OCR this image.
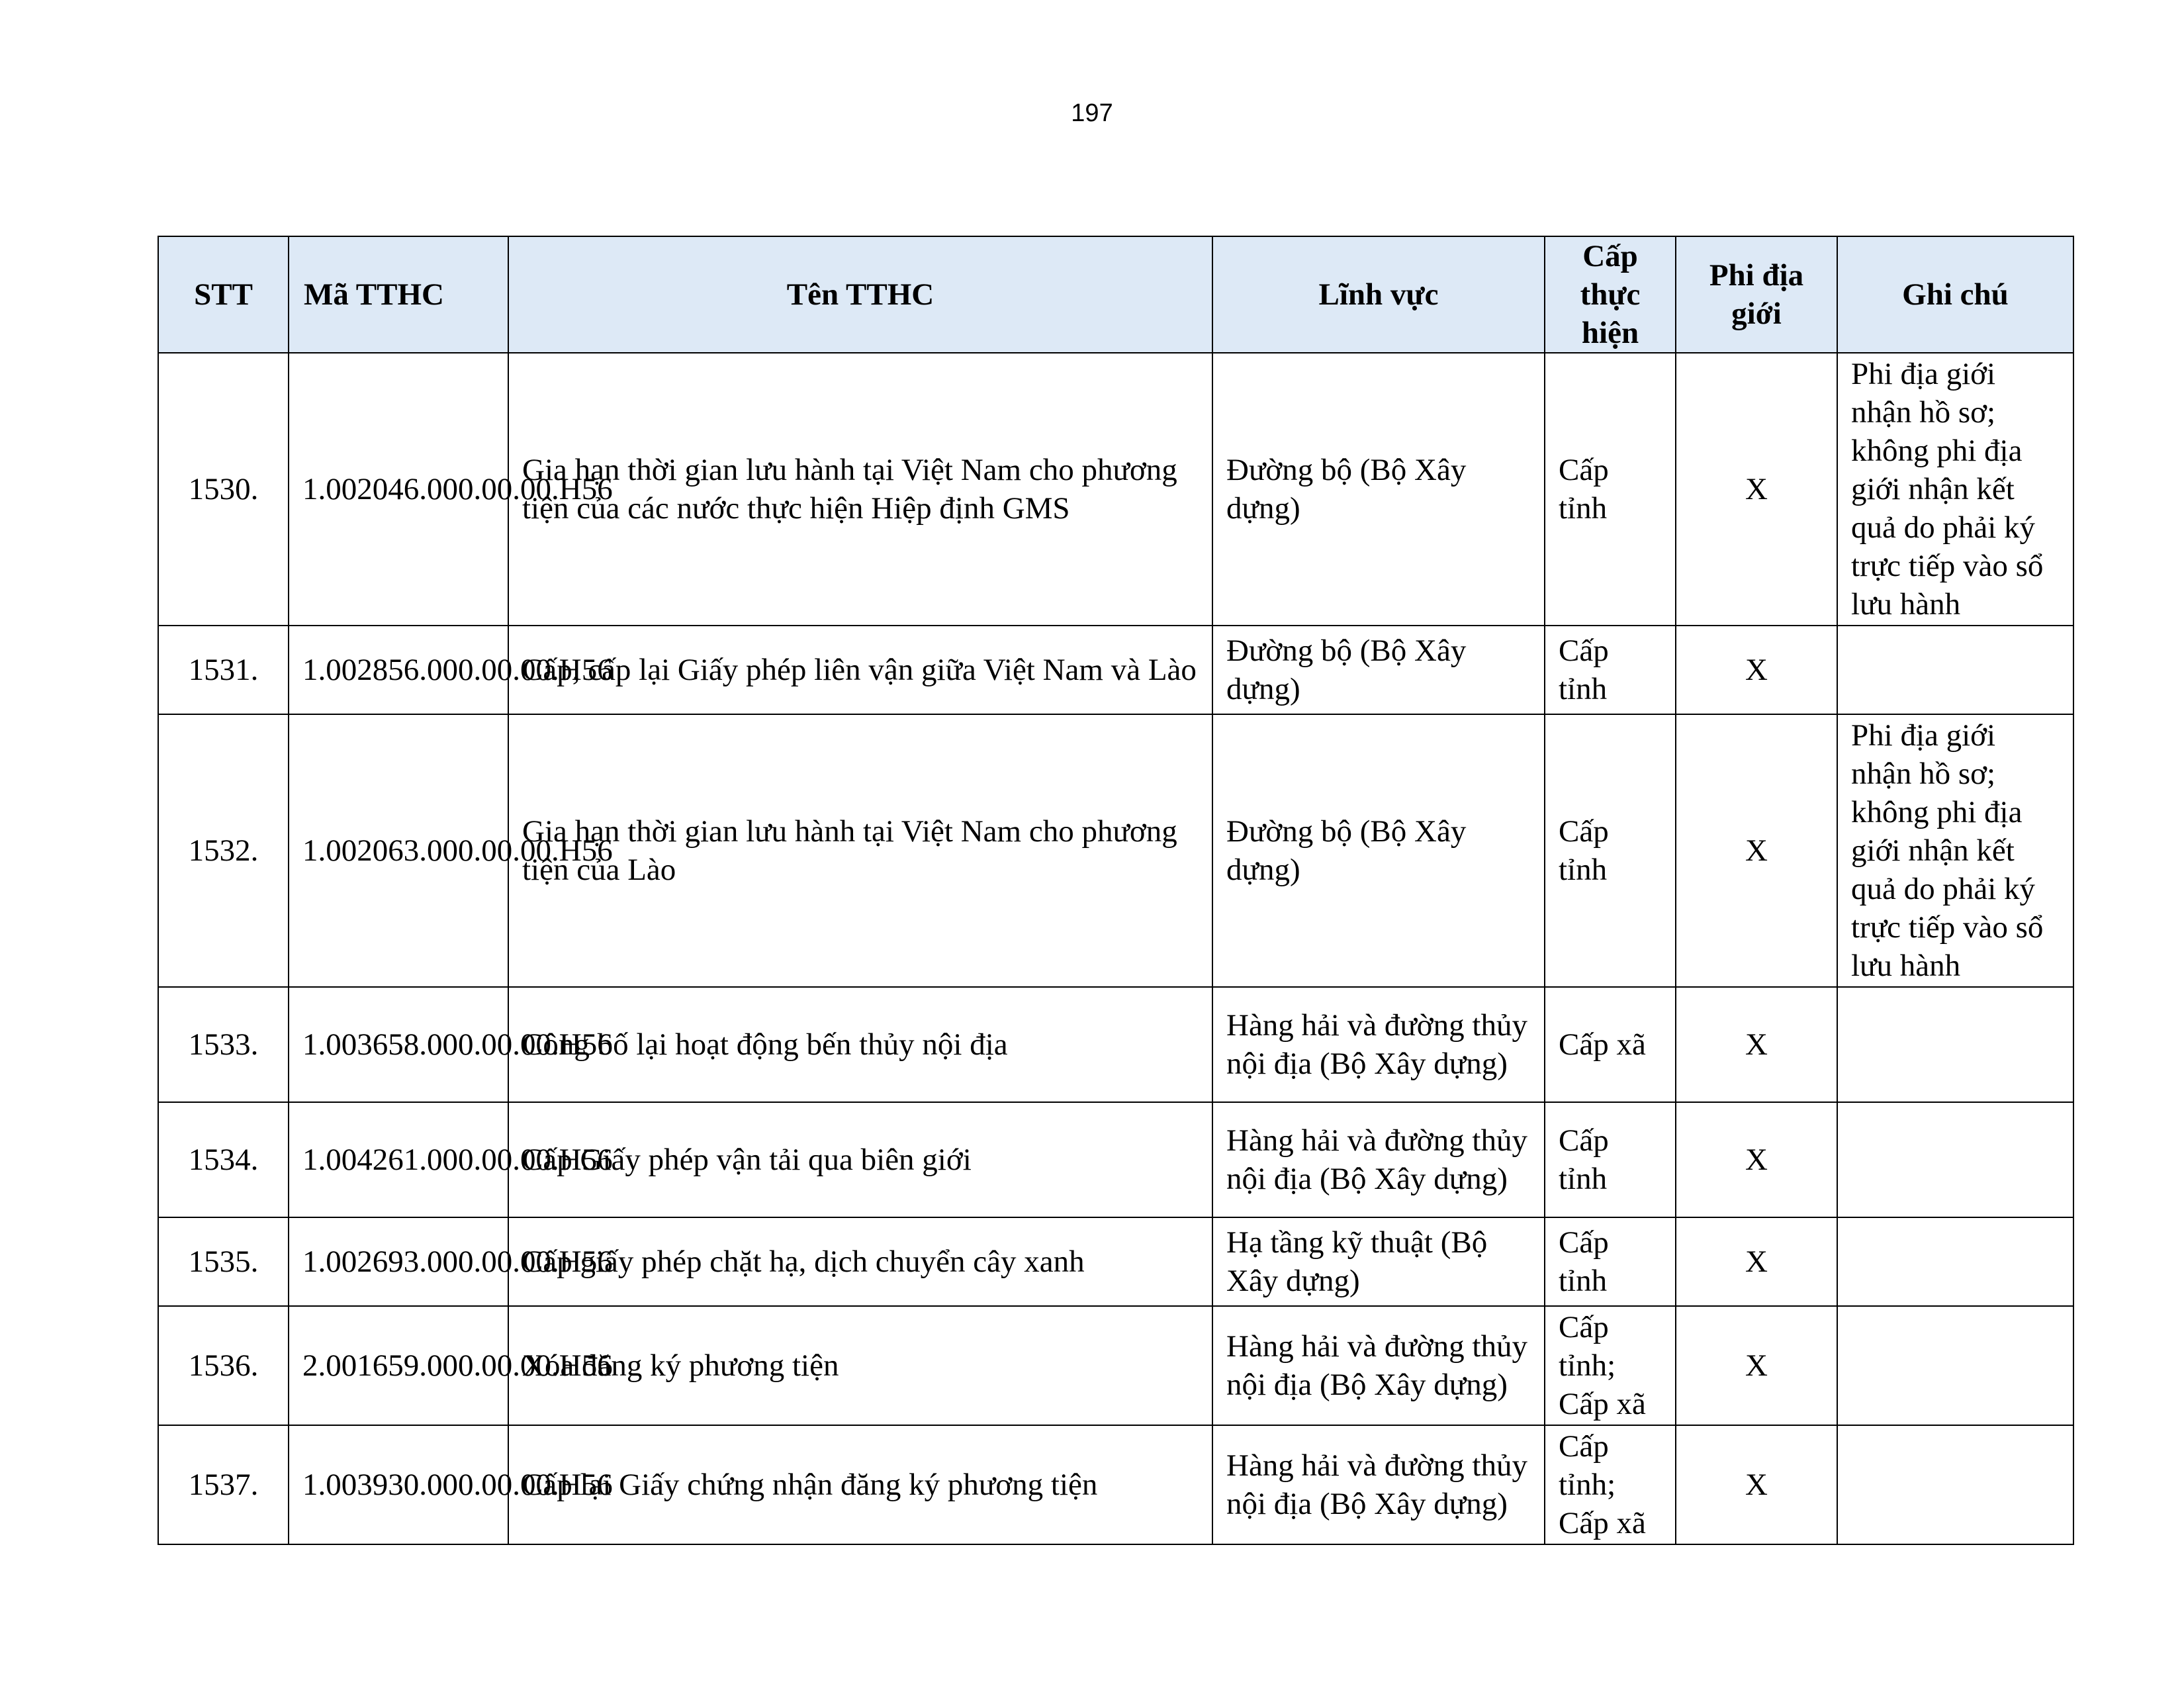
197
STT	Mã TTHC	Tên TTHC	Lĩnh vực	Cấp thực hiện	Phi địa giới	Ghi chú
1530.	1.002046.000.00.00.H56	Gia hạn thời gian lưu hành tại Việt Nam cho phương tiện của các nước thực hiện Hiệp định GMS	Đường bộ (Bộ Xây dựng)	Cấp tỉnh	X	Phi địa giới nhận hồ sơ; không phi địa giới nhận kết quả do phải ký trực tiếp vào sổ lưu hành
1531.	1.002856.000.00.00.H56	Cấp, cấp lại Giấy phép liên vận giữa Việt Nam và Lào	Đường bộ (Bộ Xây dựng)	Cấp tỉnh	X	
1532.	1.002063.000.00.00.H56	Gia hạn thời gian lưu hành tại Việt Nam cho phương tiện của Lào	Đường bộ (Bộ Xây dựng)	Cấp tỉnh	X	Phi địa giới nhận hồ sơ; không phi địa giới nhận kết quả do phải ký trực tiếp vào sổ lưu hành
1533.	1.003658.000.00.00.H56	Công bố lại hoạt động bến thủy nội địa	Hàng hải và đường thủy nội địa (Bộ Xây dựng)	Cấp xã	X	
1534.	1.004261.000.00.00.H56	Cấp Giấy phép vận tải qua biên giới	Hàng hải và đường thủy nội địa (Bộ Xây dựng)	Cấp tỉnh	X	
1535.	1.002693.000.00.00.H56	Cấp giấy phép chặt hạ, dịch chuyển cây xanh	Hạ tầng kỹ thuật (Bộ Xây dựng)	Cấp tỉnh	X	
1536.	2.001659.000.00.00.H56	Xóa đăng ký phương tiện	Hàng hải và đường thủy nội địa (Bộ Xây dựng)	Cấp tỉnh; Cấp xã	X	
1537.	1.003930.000.00.00.H56	Cấp lại Giấy chứng nhận đăng ký phương tiện	Hàng hải và đường thủy nội địa (Bộ Xây dựng)	Cấp tỉnh; Cấp xã	X	
